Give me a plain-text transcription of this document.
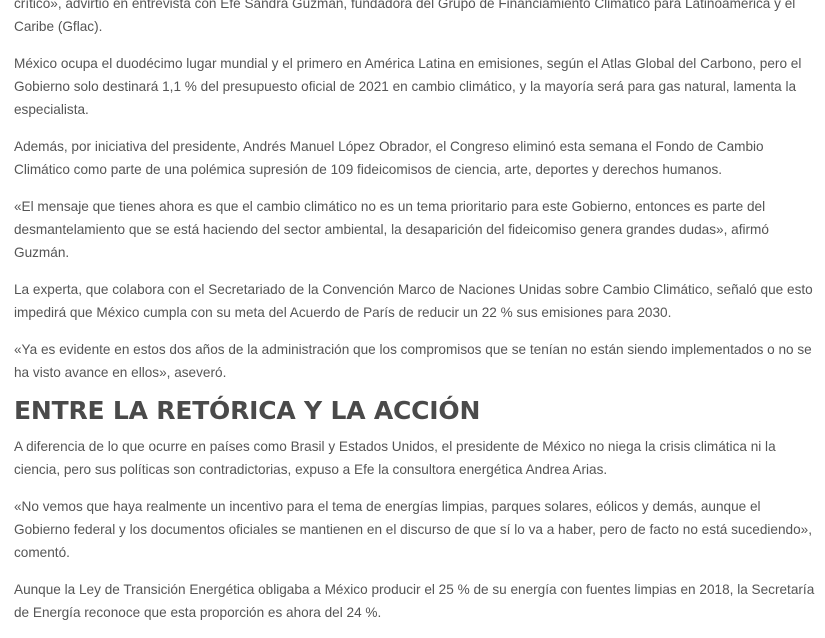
crítico», advirtió en entrevista con Efe Sandra Guzmán, fundadora del Grupo de Financiamiento Climático para Latinoamérica y el Caribe (Gflac).

México ocupa el duodécimo lugar mundial y el primero en América Latina en emisiones, según el Atlas Global del Carbono, pero el Gobierno solo destinará 1,1 % del presupuesto oficial de 2021 en cambio climático, y la mayoría será para gas natural, lamenta la especialista.

Además, por iniciativa del presidente, Andrés Manuel López Obrador, el Congreso eliminó esta semana el Fondo de Cambio Climático como parte de una polémica supresión de 109 fideicomisos de ciencia, arte, deportes y derechos humanos.

«El mensaje que tienes ahora es que el cambio climático no es un tema prioritario para este Gobierno, entonces es parte del desmantelamiento que se está haciendo del sector ambiental, la desaparición del fideicomiso genera grandes dudas», afirmó Guzmán.

La experta, que colabora con el Secretariado de la Convención Marco de Naciones Unidas sobre Cambio Climático, señaló que esto impedirá que México cumpla con su meta del Acuerdo de París de reducir un 22 % sus emisiones para 2030.

«Ya es evidente en estos dos años de la administración que los compromisos que se tenían no están siendo implementados o no se ha visto avance en ellos», aseveró.

ENTRE LA RETÓRICA Y LA ACCIÓN

A diferencia de lo que ocurre en países como Brasil y Estados Unidos, el presidente de México no niega la crisis climática ni la ciencia, pero sus políticas son contradictorias, expuso a Efe la consultora energética Andrea Arias.

«No vemos que haya realmente un incentivo para el tema de energías limpias, parques solares, eólicos y demás, aunque el Gobierno federal y los documentos oficiales se mantienen en el discurso de que sí lo va a haber, pero de facto no está sucediendo», comentó.

Aunque la Ley de Transición Energética obligaba a México producir el 25 % de su energía con fuentes limpias en 2018, la Secretaría de Energía reconoce que esta proporción es ahora del 24 %.
